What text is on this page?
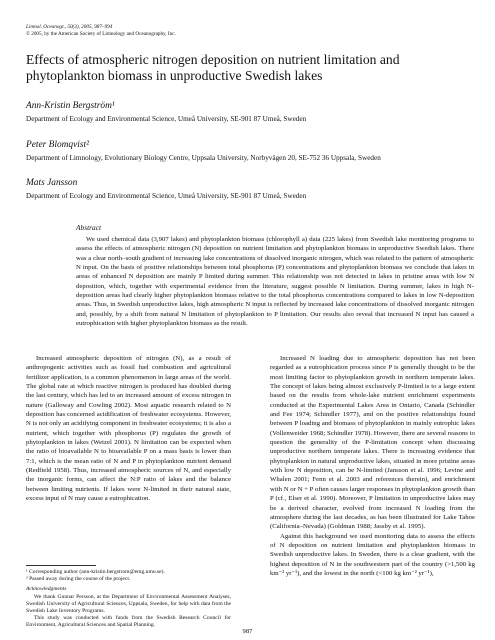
Limnol. Oceanogr., 50(3), 2005, 987–994
© 2005, by the American Society of Limnology and Oceanography, Inc.
Effects of atmospheric nitrogen deposition on nutrient limitation and phytoplankton biomass in unproductive Swedish lakes
Ann-Kristin Bergström¹
Department of Ecology and Environmental Science, Umeå University, SE-901 87 Umeå, Sweden
Peter Blomqvist²
Department of Limnology, Evolutionary Biology Centre, Uppsala University, Norbyvägen 20, SE-752 36 Uppsala, Sweden
Mats Jansson
Department of Ecology and Environmental Science, Umeå University, SE-901 87 Umeå, Sweden
Abstract
We used chemical data (3,907 lakes) and phytoplankton biomass (chlorophyll a) data (225 lakes) from Swedish lake monitoring programs to assess the effects of atmospheric nitrogen (N) deposition on nutrient limitation and phytoplankton biomass in unproductive Swedish lakes. There was a clear north–south gradient of increasing lake concentrations of dissolved inorganic nitrogen, which was related to the pattern of atmospheric N input. On the basis of positive relationships between total phosphorus (P) concentrations and phytoplankton biomass we conclude that lakes in areas of enhanced N deposition are mainly P limited during summer. This relationship was not detected in lakes in pristine areas with low N deposition, which, together with experimental evidence from the literature, suggest possible N limitation. During summer, lakes in high N-deposition areas had clearly higher phytoplankton biomass relative to the total phosphorus concentrations compared to lakes in low N-deposition areas. Thus, in Swedish unproductive lakes, high atmospheric N input is reflected by increased lake concentrations of dissolved inorganic nitrogen and, possibly, by a shift from natural N limitation of phytoplankton to P limitation. Our results also reveal that increased N input has caused a eutrophication with higher phytoplankton biomass as the result.

Increased atmospheric deposition of nitrogen (N), as a result of anthropogenic activities such as fossil fuel combustion and agricultural fertilizer application, is a common phenomenon in large areas of the world. The global rate at which reactive nitrogen is produced has doubled during the last century, which has led to an increased amount of excess nitrogen in nature (Galloway and Cowling 2002). Most aquatic research related to N deposition has concerned acidification of freshwater ecosystems. However, N is not only an acidifying component in freshwater ecosystems; it is also a nutrient, which together with phosphorus (P) regulates the growth of phytoplankton in lakes (Wetzel 2001). N limitation can be expected when the ratio of bioavailable N to bioavailable P on a mass basis is lower than 7:1, which is the mean ratio of N and P in phytoplankton nutrient demand (Redfield 1958). Thus, increased atmospheric sources of N, and especially the inorganic forms, can affect the N:P ratio of lakes and the balance between limiting nutrients. If lakes were N-limited in their natural state, excess input of N may cause a eutrophication.

Increased N loading due to atmospheric deposition has not been regarded as a eutrophication process since P is generally thought to be the most limiting factor to phytoplankton growth in northern temperate lakes. The concept of lakes being almost exclusively P-limited is to a large extent based on the results from whole-lake nutrient enrichment experiments conducted at the Experimental Lakes Area in Ontario, Canada (Schindler and Fee 1974; Schindler 1977), and on the positive relationships found between P loading and biomass of phytoplankton in mainly eutrophic lakes (Vollenweider 1968; Schindler 1978). However, there are several reasons to question the generality of the P-limitation concept when discussing unproductive northern temperate lakes. There is increasing evidence that phytoplankton in natural unproductive lakes, situated in more pristine areas with low N deposition, can be N-limited (Jansson et al. 1996; Levine and Whalen 2001; Fenn et al. 2003 and references therein), and enrichment with N or N + P often causes larger responses in phytoplankton growth than P (cf., Elser et al. 1990). Moreover, P limitation in unproductive lakes may be a derived character, evolved from increased N loading from the atmosphere during the last decades, as has been illustrated for Lake Tahoe (California–Nevada) (Goldman 1988; Jassby et al. 1995).

Against this background we used monitoring data to assess the effects of N deposition on nutrient limitation and phytoplankton biomass in Swedish unproductive lakes. In Sweden, there is a clear gradient, with the highest deposition of N in the southwestern part of the country (>1,500 kg km⁻² yr⁻¹), and the lowest in the north (<100 kg km⁻² yr⁻¹),

¹ Corresponding author (ann-kristin.bergstrom@emg.umu.se).

² Passed away during the course of the project.

Acknowledgments

We thank Gunnar Persson, at the Department of Environmental Assessment Analyses, Swedish University of Agricultural Sciences, Uppsala, Sweden, for help with data from the Swedish Lake Inventory Programs.

This study was conducted with funds from the Swedish Research Council for Environment, Agricultural Sciences and Spatial Planning.

987
